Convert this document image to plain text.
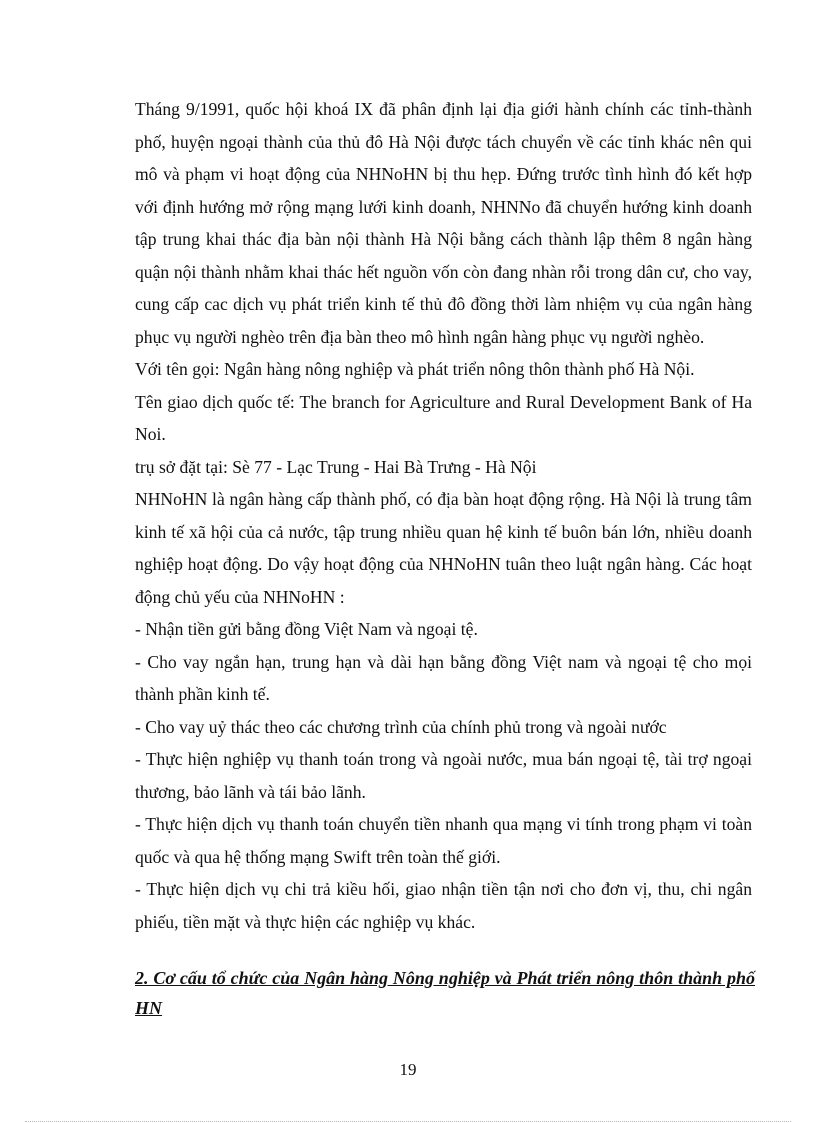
Tháng 9/1991, quốc hội khoá IX đã phân định lại địa giới hành chính các tỉnh-thành phố, huyện ngoại thành của thủ đô Hà Nội được tách chuyển về các tỉnh khác nên qui mô và phạm vi hoạt động của NHNoHN bị thu hẹp. Đứng trước tình hình đó kết hợp với định hướng mở rộng mạng lưới kinh doanh, NHNNo đã chuyển hướng kinh doanh tập trung khai thác địa bàn nội thành Hà Nội bằng cách thành lập thêm 8 ngân hàng quận nội thành nhằm khai thác hết nguồn vốn còn đang nhàn rỗi trong dân cư, cho vay, cung cấp cac dịch vụ phát triển kinh tế thủ đô đồng thời làm nhiệm vụ của ngân hàng phục vụ người nghèo trên địa bàn theo mô hình ngân hàng phục vụ người nghèo.

Với tên gọi: Ngân hàng nông nghiệp và phát triển nông thôn thành phố Hà Nội.

Tên giao dịch quốc tế: The branch for Agriculture and Rural Development Bank of Ha Noi.

trụ sở đặt tại: Sè 77 - Lạc Trung - Hai Bà Trưng - Hà Nội

NHNoHN là ngân hàng cấp thành phố, có địa bàn hoạt động rộng. Hà Nội là trung tâm kinh tế xã hội của cả nước, tập trung nhiều quan hệ kinh tế buôn bán lớn, nhiều doanh nghiệp hoạt động. Do vậy hoạt động của NHNoHN tuân theo luật ngân hàng. Các hoạt động chủ yếu của NHNoHN :

- Nhận tiền gửi bằng đồng Việt Nam và ngoại tệ.

- Cho vay ngắn hạn, trung hạn và dài hạn bằng đồng Việt nam và ngoại tệ cho mọi thành phần kinh tế.

- Cho vay uỷ thác theo các chương trình của chính phủ trong và ngoài nước

- Thực hiện nghiệp vụ thanh toán trong và ngoài nước, mua bán ngoại tệ, tài trợ ngoại thương, bảo lãnh và tái bảo lãnh.

- Thực hiện dịch vụ thanh toán chuyển tiền nhanh qua mạng vi tính trong phạm vi toàn quốc và qua hệ thống mạng Swift trên toàn thế giới.

- Thực hiện dịch vụ chi trả kiều hối, giao nhận tiền tận nơi cho đơn vị, thu, chi ngân phiếu, tiền mặt và thực hiện các nghiệp vụ khác.

2. Cơ cấu tổ chức của Ngân hàng Nông nghiệp và Phát triển nông thôn thành phố HN

19
